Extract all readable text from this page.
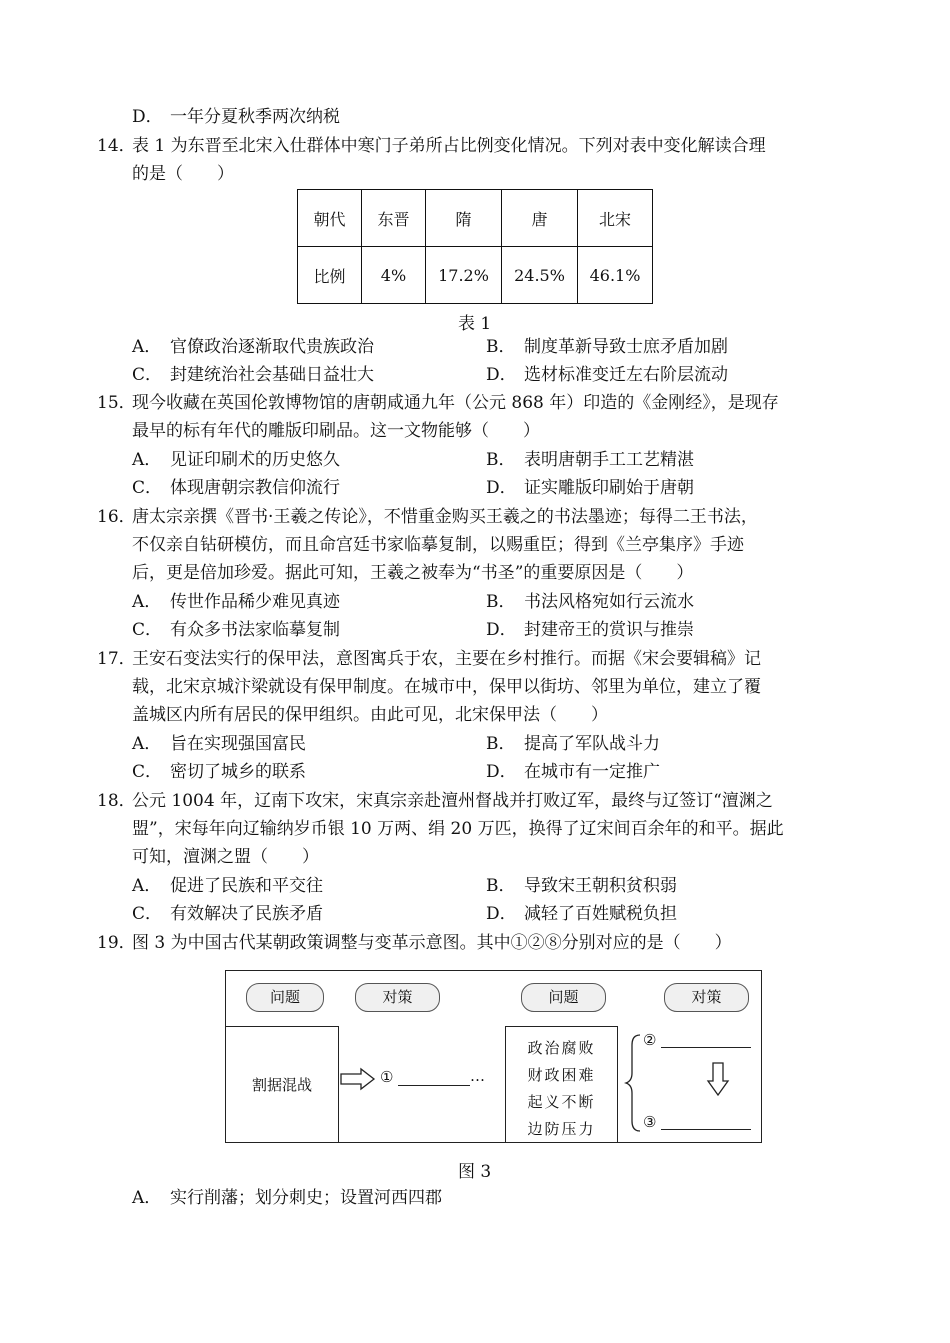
D． 一年分夏秋季两次纳税
14．表 1 为东晋至北宋入仕群体中寒门子弟所占比例变化情况。下列对表中变化解读合理
的是（　　）
朝代	东晋	隋	唐	北宋
比例	4%	17.2%	24.5%	46.1%
表 1
A． 官僚政治逐渐取代贵族政治	B． 制度革新导致士庶矛盾加剧
C． 封建统治社会基础日益壮大	D． 选材标准变迁左右阶层流动
15．现今收藏在英国伦敦博物馆的唐朝咸通九年（公元 868 年）印造的《金刚经》，是现存
最早的标有年代的雕版印刷品。这一文物能够（　　）
A． 见证印刷术的历史悠久	B． 表明唐朝手工工艺精湛
C． 体现唐朝宗教信仰流行	D． 证实雕版印刷始于唐朝
16．唐太宗亲撰《晋书·王羲之传论》，不惜重金购买王羲之的书法墨迹；每得二王书法，
不仅亲自钻研模仿，而且命宫廷书家临摹复制，以赐重臣；得到《兰亭集序》手迹
后，更是倍加珍爱。据此可知，王羲之被奉为“书圣”的重要原因是（　　）
A． 传世作品稀少难见真迹	B． 书法风格宛如行云流水
C． 有众多书法家临摹复制	D． 封建帝王的赏识与推崇
17．王安石变法实行的保甲法，意图寓兵于农，主要在乡村推行。而据《宋会要辑稿》记
载，北宋京城汴梁就设有保甲制度。在城市中，保甲以街坊、邻里为单位，建立了覆
盖城区内所有居民的保甲组织。由此可见，北宋保甲法（　　）
A． 旨在实现强国富民	B． 提高了军队战斗力
C． 密切了城乡的联系	D． 在城市有一定推广
18．公元 1004 年，辽南下攻宋，宋真宗亲赴澶州督战并打败辽军，最终与辽签订“澶渊之
盟”，宋每年向辽输纳岁币银 10 万两、绢 20 万匹，换得了辽宋间百余年的和平。据此
可知，澶渊之盟（　　）
A． 促进了民族和平交往	B． 导致宋王朝积贫积弱
C． 有效解决了民族矛盾	D． 减轻了百姓赋税负担
19．图 3 为中国古代某朝政策调整与变革示意图。其中①②⑧分别对应的是（　　）
问题	对策	问题	对策
割据混战	①	…
政治腐败
财政困难
起义不断
边防压力
②
③
图 3
A． 实行削藩；划分刺史；设置河西四郡
